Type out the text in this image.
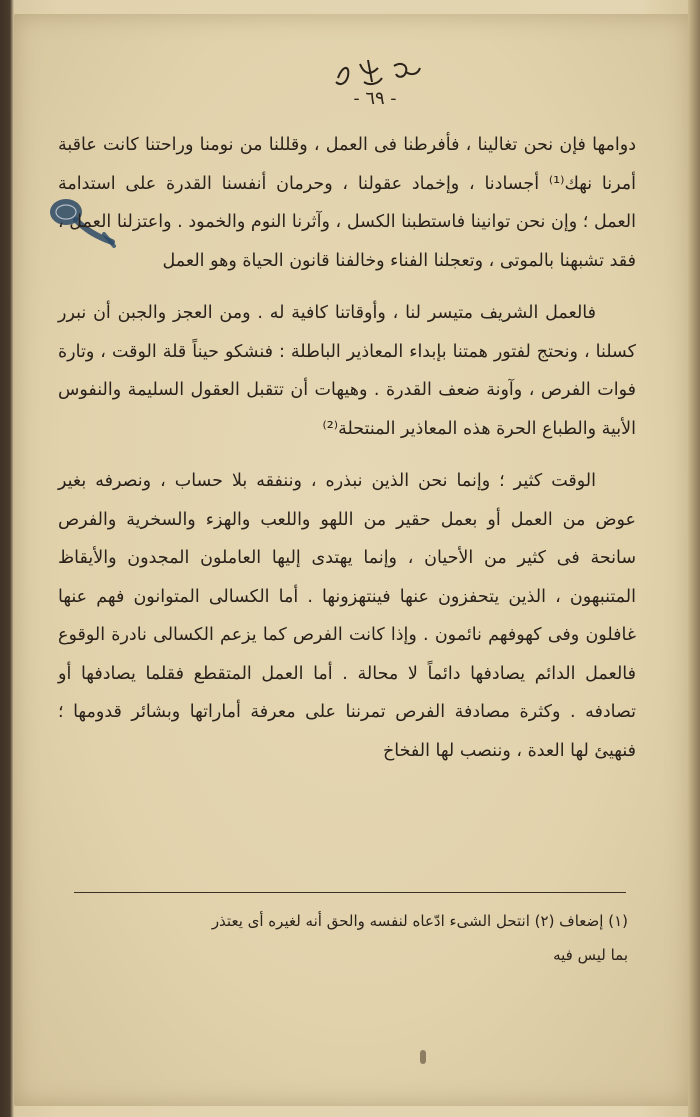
- ٦٩ -

دوامها فإن نحن تغالينا ، فأفرطنا فى العمل ، وقللنا من نومنا وراحتنا كانت عاقبة أمرنا نهك⁽¹⁾ أجسادنا ، وإخماد عقولنا ، وحرمان أنفسنا القدرة على استدامة العمل ؛ وإن نحن توانينا فاستطبنا الكسل ، وآثرنا النوم والخمود . واعتزلنا العمل ، فقد تشبهنا بالموتى ، وتعجلنا الفناء وخالفنا قانون الحياة وهو العمل

فالعمل الشريف متيسر لنا ، وأوقاتنا كافية له . ومن العجز والجبن أن نبرر كسلنا ، ونحتج لفتور همتنا بإبداء المعاذير الباطلة : فنشكو حيناً قلة الوقت ، وتارة فوات الفرص ، وآونة ضعف القدرة . وهيهات أن تتقبل العقول السليمة والنفوس الأبية والطباع الحرة هذه المعاذير المنتحلة⁽²⁾

الوقت كثير ؛ وإنما نحن الذين نبذره ، وننفقه بلا حساب ، ونصرفه بغير عوض من العمل أو بعمل حقير من اللهو واللعب والهزء والسخرية والفرص سانحة فى كثير من الأحيان ، وإنما يهتدى إليها العاملون المجدون والأيقاظ المتنبهون ، الذين يتحفزون عنها فينتهزونها . أما الكسالى المتوانون فهم عنها غافلون وفى كهوفهم نائمون . وإذا كانت الفرص كما يزعم الكسالى نادرة الوقوع فالعمل الدائم يصادفها دائماً لا محالة . أما العمل المتقطع فقلما يصادفها أو تصادفه . وكثرة مصادفة الفرص تمرننا على معرفة أماراتها وبشائر قدومها ؛ فنهيئ لها العدة ، وننصب لها الفخاخ

(١) إضعاف (٢) انتحل الشىء ادّعاه لنفسه والحق أنه لغيره أى يعتذر
بما ليس فيه
